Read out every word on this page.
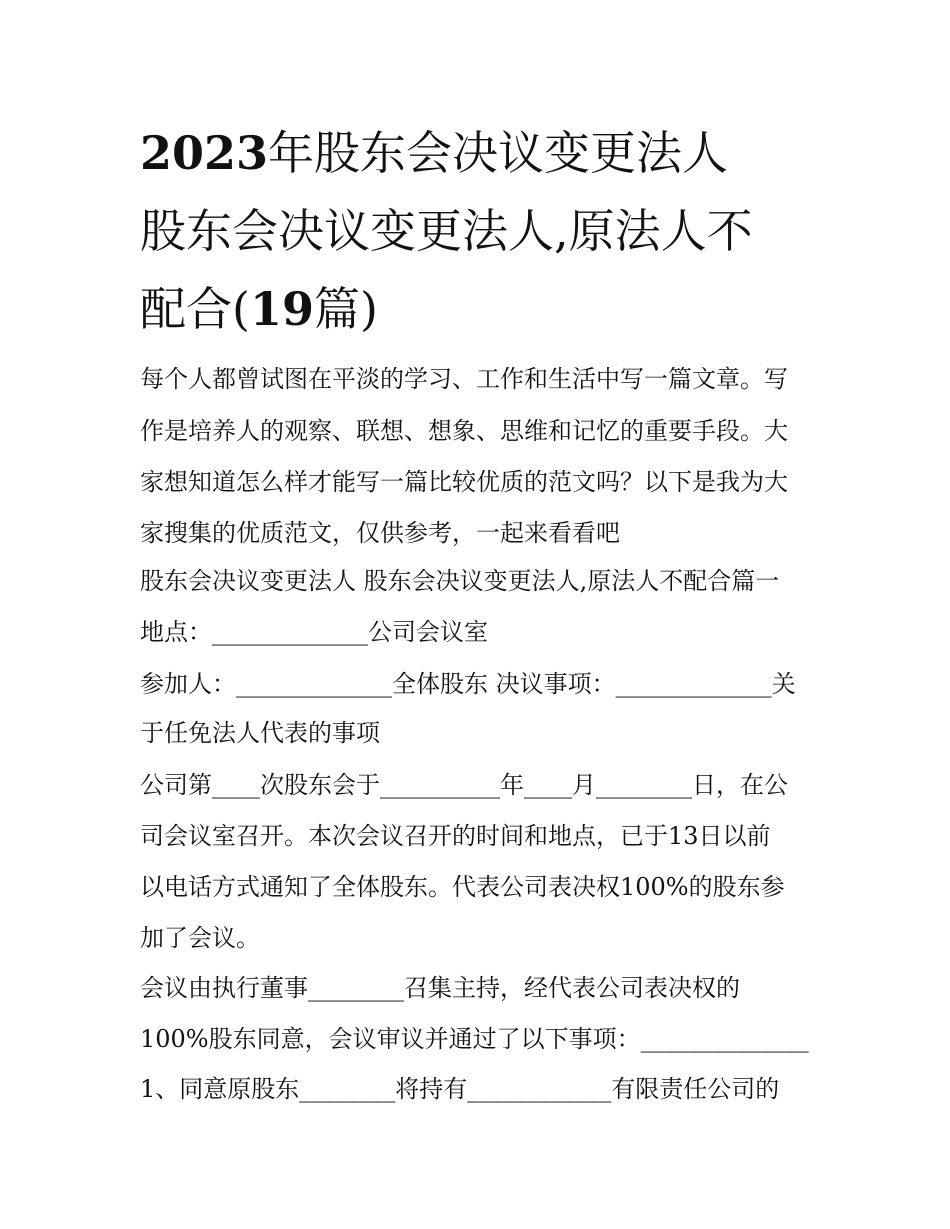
2023年股东会决议变更法人
股东会决议变更法人,原法人不
配合(19篇)
每个人都曾试图在平淡的学习、工作和生活中写一篇文章。写
作是培养人的观察、联想、想象、思维和记忆的重要手段。大
家想知道怎么样才能写一篇比较优质的范文吗？以下是我为大
家搜集的优质范文，仅供参考，一起来看看吧
股东会决议变更法人 股东会决议变更法人,原法人不配合篇一
地点：_____________公司会议室
参加人：_____________全体股东 决议事项：_____________关
于任免法人代表的事项
公司第____次股东会于__________年____月________日，在公
司会议室召开。本次会议召开的时间和地点，已于13日以前
以电话方式通知了全体股东。代表公司表决权100%的股东参
加了会议。
会议由执行董事________召集主持，经代表公司表决权的
100%股东同意，会议审议并通过了以下事项：______________
1、同意原股东________将持有____________有限责任公司的
